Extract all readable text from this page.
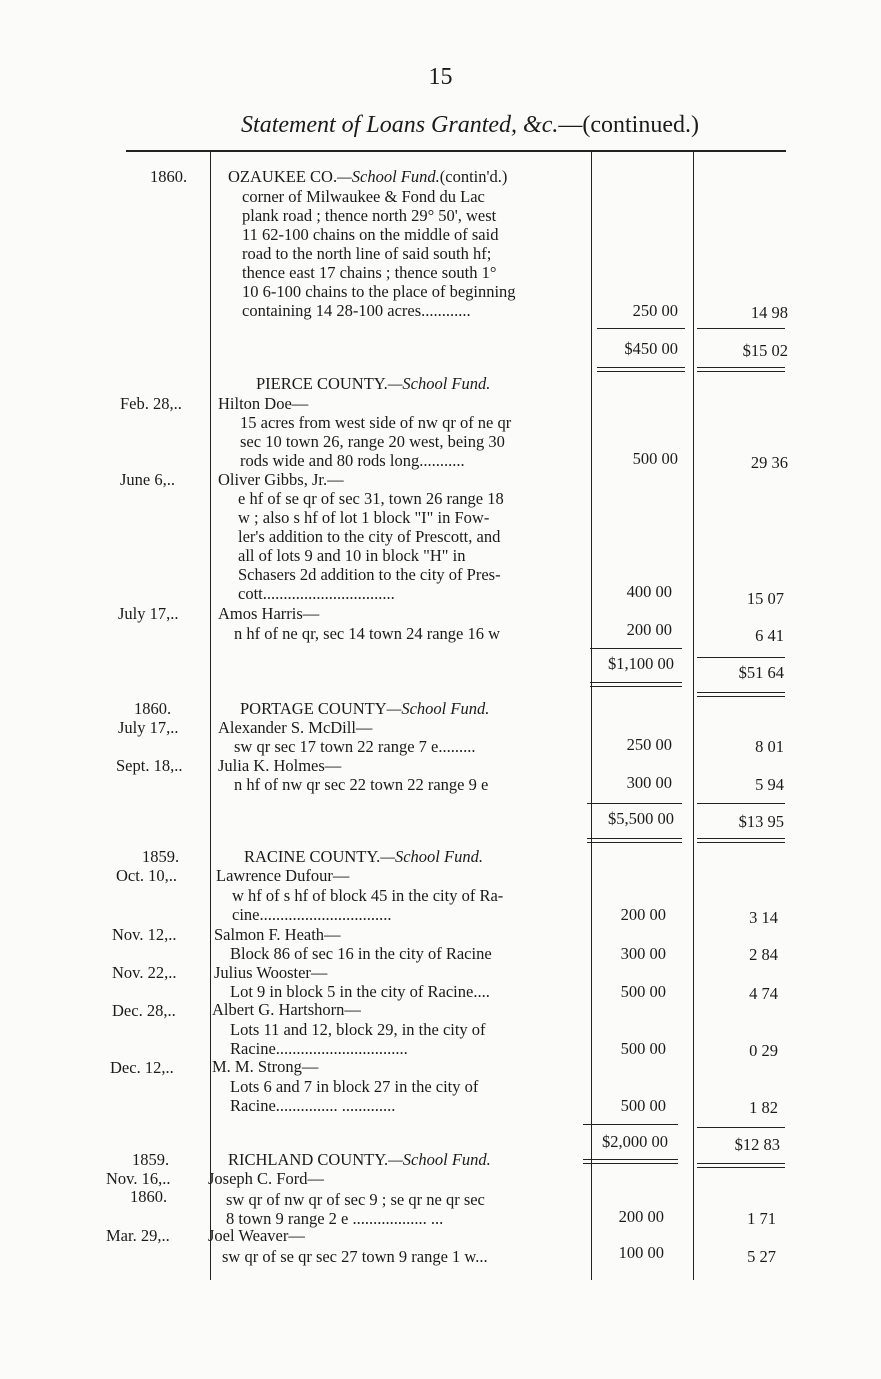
15
Statement of Loans Granted, &c.—(continued.)
1860. OZAUKEE CO.—School Fund.(contin'd.)
corner of Milwaukee & Fond du Lac
plank road ; thence north 29° 50', west
11 62-100 chains on the middle of said
road to the north line of said south hf;
thence east 17 chains ; thence south 1°
10 6-100 chains to the place of beginning
containing 14 28-100 acres............	250 00	14 98
$450 00	$15 02
PIERCE COUNTY.—School Fund.
Feb. 28,.. Hilton Doe—
15 acres from west side of nw qr of ne qr
sec 10 town 26, range 20 west, being 30
rods wide and 80 rods long...........	500 00	29 36
June 6,..	Oliver Gibbs, Jr.—
e hf of se qr of sec 31, town 26 range 18
w ; also s hf of lot 1 block "I" in Fow-
ler's addition to the city of Prescott, and
all of lots 9 and 10 in block "H" in
Schasers 2d addition to the city of Pres-
cott................................	400 00	15 07
July 17,.. Amos Harris—
n hf of ne qr, sec 14 town 24 range 16 w	200 00	6 41
$1,100 00	$51 64
1860.	PORTAGE COUNTY—School Fund.
July 17,.. Alexander S. McDill—
sw qr sec 17 town 22 range 7 e.........	250 00	8 01
Sept. 18,.. Julia K. Holmes—
n hf of nw qr sec 22 town 22 range 9 e	300 00	5 94
$5,500 00	$13 95
1859.	RACINE COUNTY.—School Fund.
Oct. 10,.. Lawrence Dufour—
w hf of s hf of block 45 in the city of Ra-
cine................................	200 00	3 14
Nov. 12,.. Salmon F. Heath—
Block 86 of sec 16 in the city of Racine	300 00	2 84
Nov. 22,.. Julius Wooster—
Lot 9 in block 5 in the city of Racine....	500 00	4 74
Dec. 28,.. Albert G. Hartshorn—
Lots 11 and 12, block 29, in the city of
Racine................................	500 00	0 29
Dec. 12,.. M. M. Strong—
Lots 6 and 7 in block 27 in the city of
Racine............... .............	500 00	1 82
$2,000 00	$12 83
1859.	RICHLAND COUNTY.—School Fund.
Nov. 16,..
1860.
Joseph C. Ford—
sw qr of nw qr of sec 9 ; se qr ne qr sec
8 town 9 range 2 e .................. ...	200 00	1 71
Mar. 29,.. Joel Weaver—
sw qr of se qr sec 27 town 9 range 1 w...	100 00	5 27
